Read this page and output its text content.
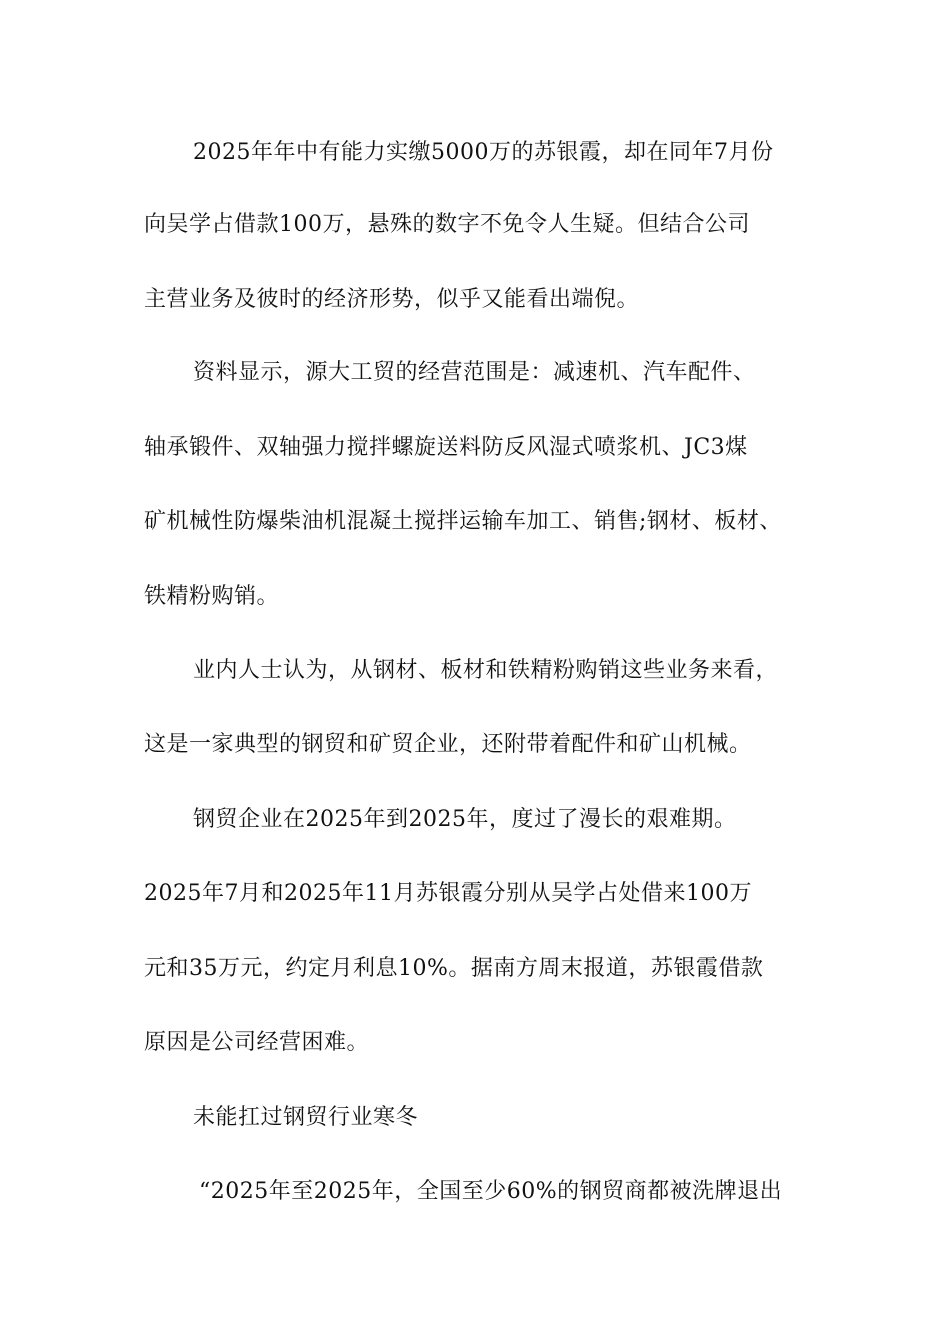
2025年年中有能力实缴5000万的苏银霞，却在同年7月份
向吴学占借款100万，悬殊的数字不免令人生疑。但结合公司
主营业务及彼时的经济形势，似乎又能看出端倪。
资料显示，源大工贸的经营范围是：减速机、汽车配件、
轴承锻件、双轴强力搅拌螺旋送料防反风湿式喷浆机、JC3煤
矿机械性防爆柴油机混凝土搅拌运输车加工、销售;钢材、板材、
铁精粉购销。
业内人士认为，从钢材、板材和铁精粉购销这些业务来看，
这是一家典型的钢贸和矿贸企业，还附带着配件和矿山机械。
钢贸企业在2025年到2025年，度过了漫长的艰难期。
2025年7月和2025年11月苏银霞分别从吴学占处借来100万
元和35万元，约定月利息10%。据南方周末报道，苏银霞借款
原因是公司经营困难。
未能扛过钢贸行业寒冬
“2025年至2025年，全国至少60%的钢贸商都被洗牌退出
